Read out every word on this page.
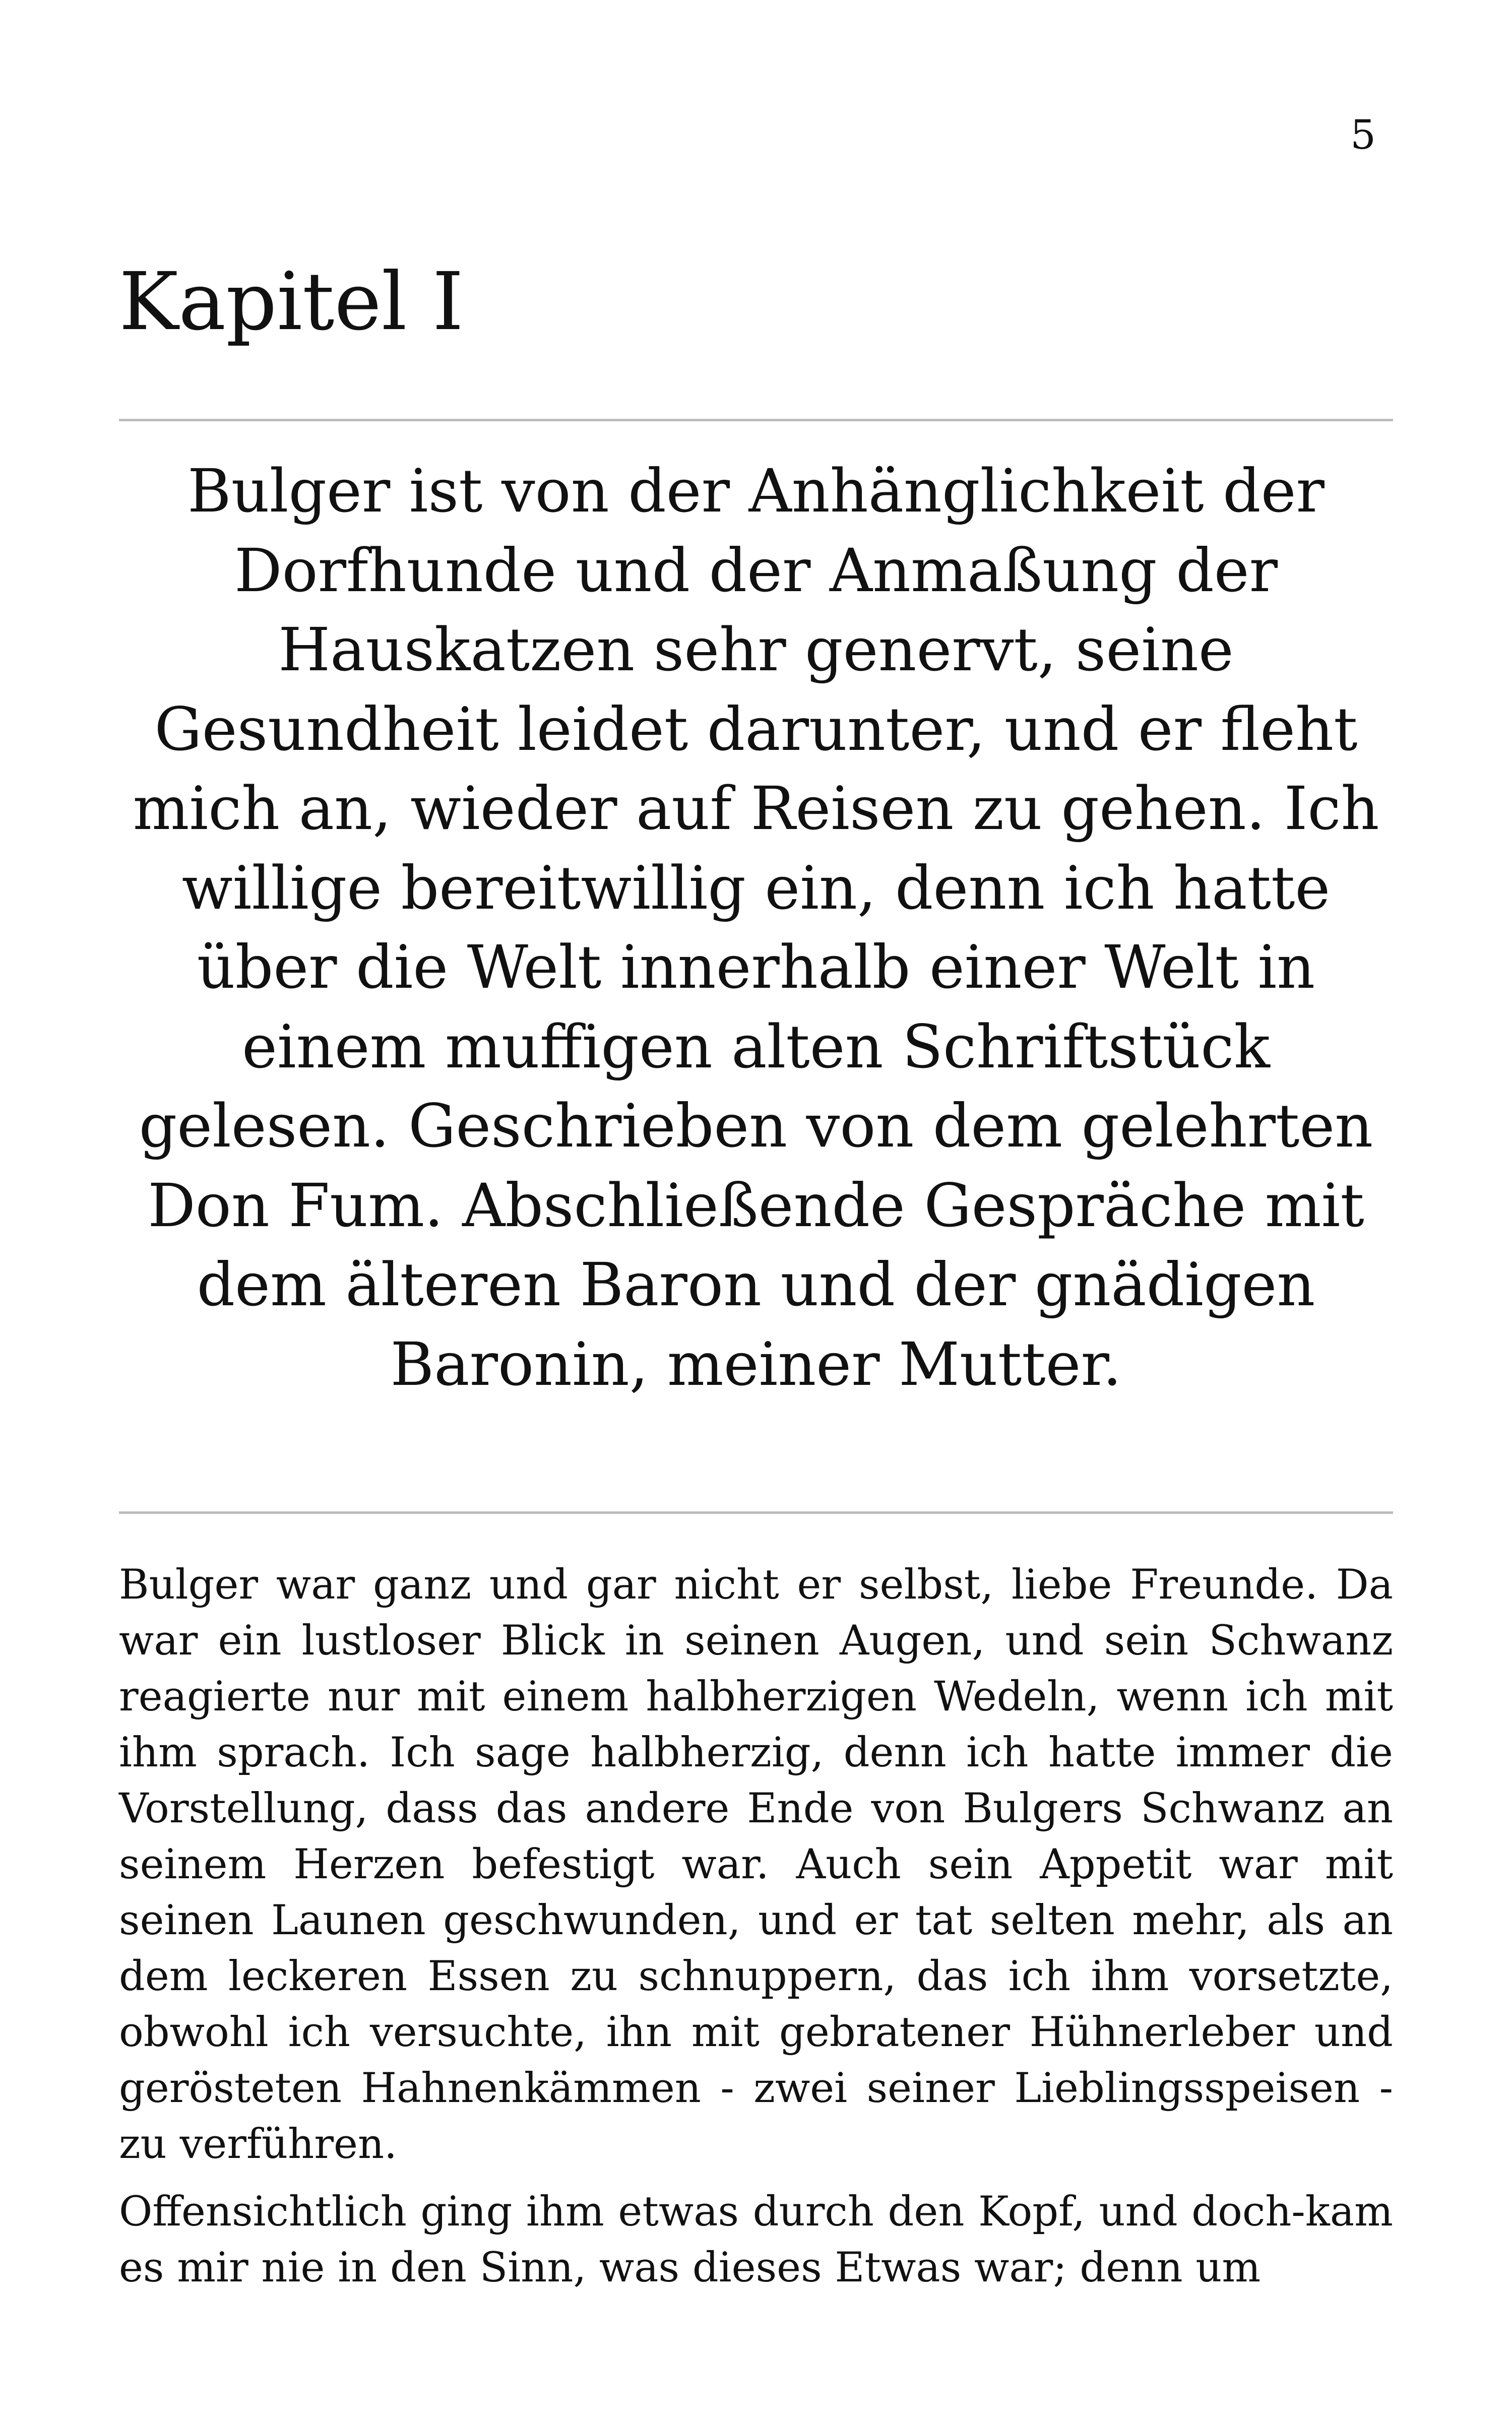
5
Kapitel I

Bulger ist von der Anhänglichkeit der Dorfhunde und der Anmaßung der Hauskatzen sehr genervt, seine Gesundheit leidet darunter, und er fleht mich an, wieder auf Reisen zu gehen. Ich willige bereitwillig ein, denn ich hatte über die Welt innerhalb einer Welt in einem muffigen alten Schriftstück gelesen. Geschrieben von dem gelehrten Don Fum. Abschließende Gespräche mit dem älteren Baron und der gnädigen Baronin, meiner Mutter.

Bulger war ganz und gar nicht er selbst, liebe Freunde. Da war ein lustloser Blick in seinen Augen, und sein Schwanz reagierte nur mit einem halbherzigen Wedeln, wenn ich mit ihm sprach. Ich sage halbherzig, denn ich hatte immer die Vorstellung, dass das andere Ende von Bulgers Schwanz an seinem Herzen befestigt war. Auch sein Appetit war mit seinen Launen geschwunden, und er tat selten mehr, als an dem leckeren Essen zu schnuppern, das ich ihm vorsetzte, obwohl ich versuchte, ihn mit gebratener Hühnerleber und gerösteten Hahnenkämmen - zwei seiner Lieblingsspeisen - zu verführen.

Offensichtlich ging ihm etwas durch den Kopf, und doch-kam es mir nie in den Sinn, was dieses Etwas war; denn um
